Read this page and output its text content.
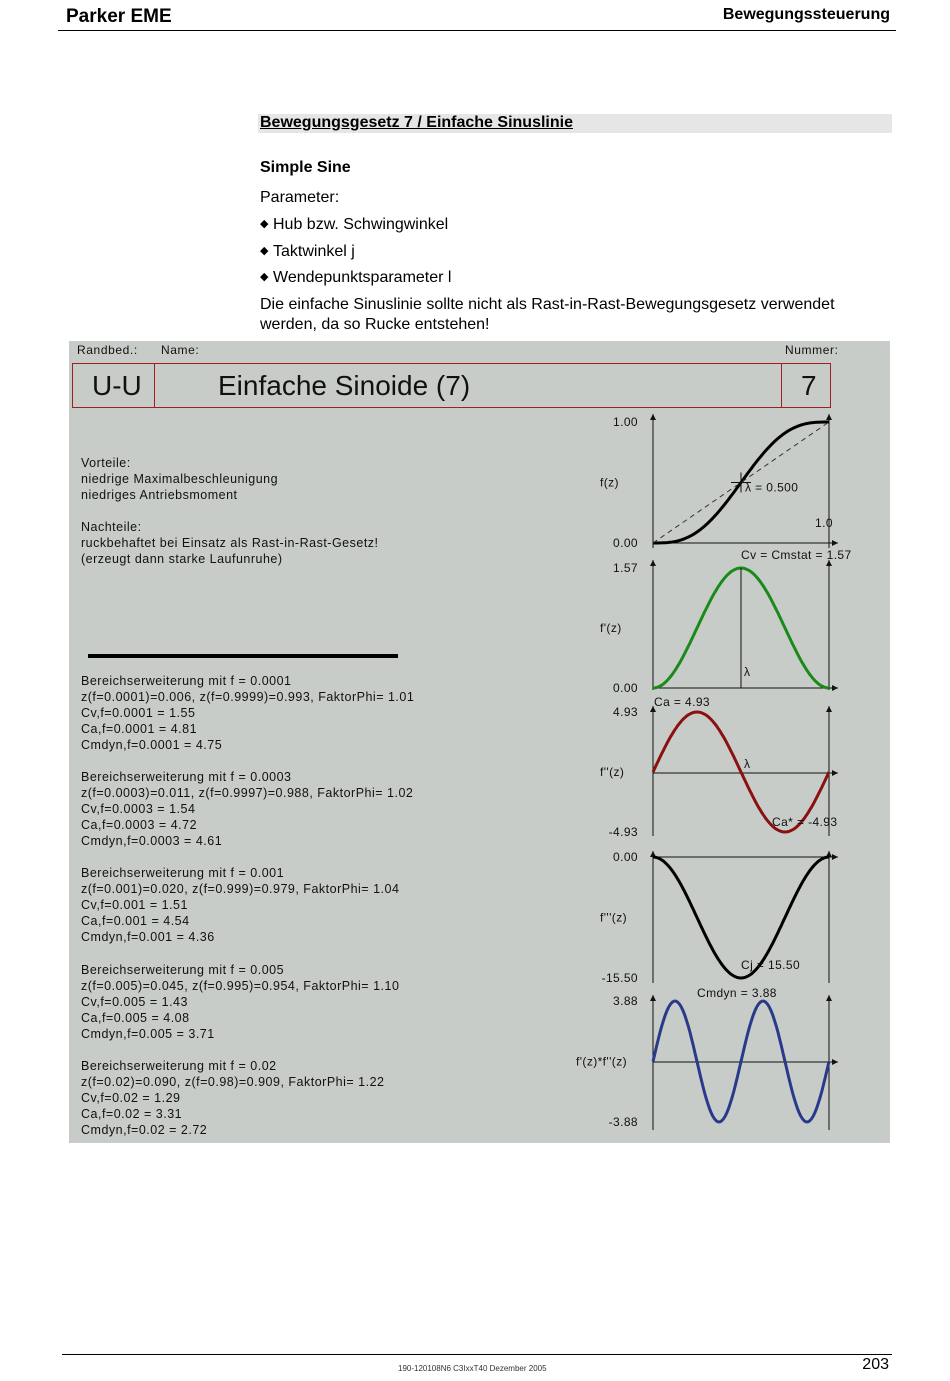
Parker EME	Bewegungssteuerung
Bewegungsgesetz 7 / Einfache Sinuslinie
Simple Sine
Parameter:
◆ Hub bzw. Schwingwinkel
◆ Taktwinkel j
◆ Wendepunktsparameter l
Die einfache Sinuslinie sollte nicht als Rast-in-Rast-Bewegungsgesetz verwendet werden, da so Rucke entstehen!
Randbed.: Name:	Nummer:
U-U	Einfache Sinoide (7)	7
Vorteile:
niedrige Maximalbeschleunigung
niedriges Antriebsmoment
Nachteile:
ruckbehaftet bei Einsatz als Rast-in-Rast-Gesetz!
(erzeugt dann starke Laufunruhe)
Bereichserweiterung mit f = 0.0001
z(f=0.0001)=0.006, z(f=0.9999)=0.993, FaktorPhi= 1.01
Cv,f=0.0001 = 1.55
Ca,f=0.0001 = 4.81
Cmdyn,f=0.0001 = 4.75
Bereichserweiterung mit f = 0.0003
z(f=0.0003)=0.011, z(f=0.9997)=0.988, FaktorPhi= 1.02
Cv,f=0.0003 = 1.54
Ca,f=0.0003 = 4.72
Cmdyn,f=0.0003 = 4.61
Bereichserweiterung mit f = 0.001
z(f=0.001)=0.020, z(f=0.999)=0.979, FaktorPhi= 1.04
Cv,f=0.001 = 1.51
Ca,f=0.001 = 4.54
Cmdyn,f=0.001 = 4.36
Bereichserweiterung mit f = 0.005
z(f=0.005)=0.045, z(f=0.995)=0.954, FaktorPhi= 1.10
Cv,f=0.005 = 1.43
Ca,f=0.005 = 4.08
Cmdyn,f=0.005 = 3.71
Bereichserweiterung mit f = 0.02
z(f=0.02)=0.090, z(f=0.98)=0.909, FaktorPhi= 1.22
Cv,f=0.02 = 1.29
Ca,f=0.02 = 3.31
Cmdyn,f=0.02 = 2.72
1.00
0.00
f(z)
1.57
0.00
f'(z)
4.93
-4.93
f''(z)
0.00
-15.50
f'''(z)
3.88
-3.88
f'(z)*f''(z)
λ = 0.500
1.0
Cv = Cmstat = 1.57
λ
Ca = 4.93
Ca* = -4.93
λ
Cj = 15.50
Cmdyn = 3.88
190-120108N6 C3IxxT40 Dezember 2005	203
